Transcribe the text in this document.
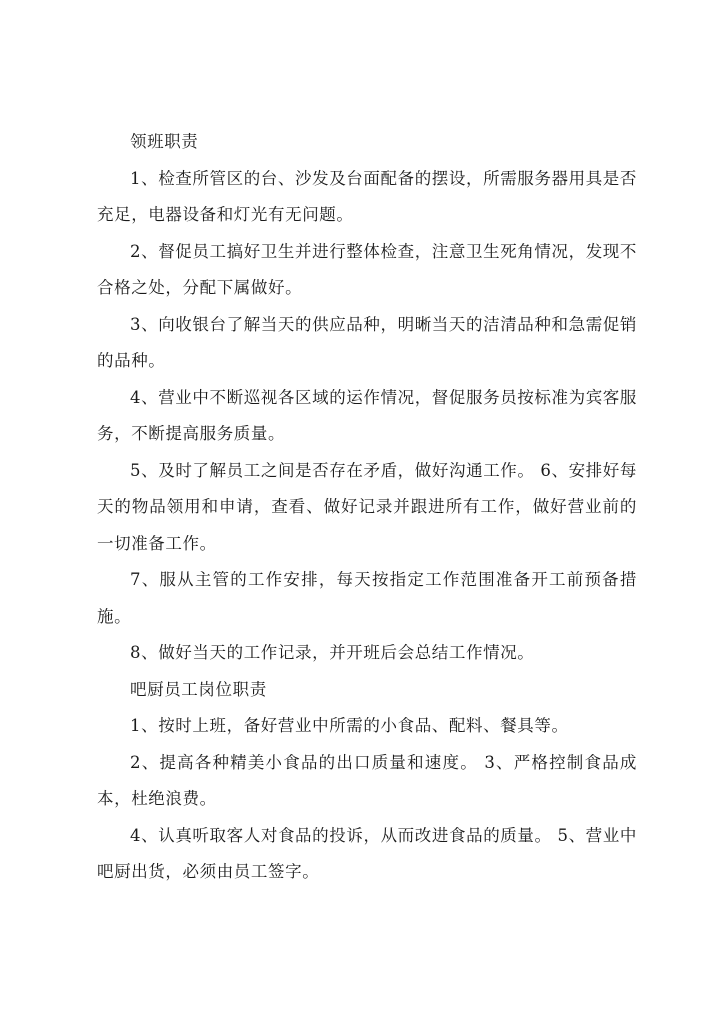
领班职责

1、检查所管区的台、沙发及台面配备的摆设，所需服务器用具是否充足，电器设备和灯光有无问题。

2、督促员工搞好卫生并进行整体检查，注意卫生死角情况，发现不合格之处，分配下属做好。

3、向收银台了解当天的供应品种，明晰当天的洁清品种和急需促销的品种。

4、营业中不断巡视各区域的运作情况，督促服务员按标准为宾客服务，不断提高服务质量。

5、及时了解员工之间是否存在矛盾，做好沟通工作。 6、安排好每天的物品领用和申请，查看、做好记录并跟进所有工作，做好营业前的一切准备工作。

7、服从主管的工作安排，每天按指定工作范围准备开工前预备措施。

8、做好当天的工作记录，并开班后会总结工作情况。

吧厨员工岗位职责

1、按时上班，备好营业中所需的小食品、配料、餐具等。

2、提高各种精美小食品的出口质量和速度。 3、严格控制食品成本，杜绝浪费。

4、认真听取客人对食品的投诉，从而改进食品的质量。 5、营业中吧厨出货，必须由员工签字。
